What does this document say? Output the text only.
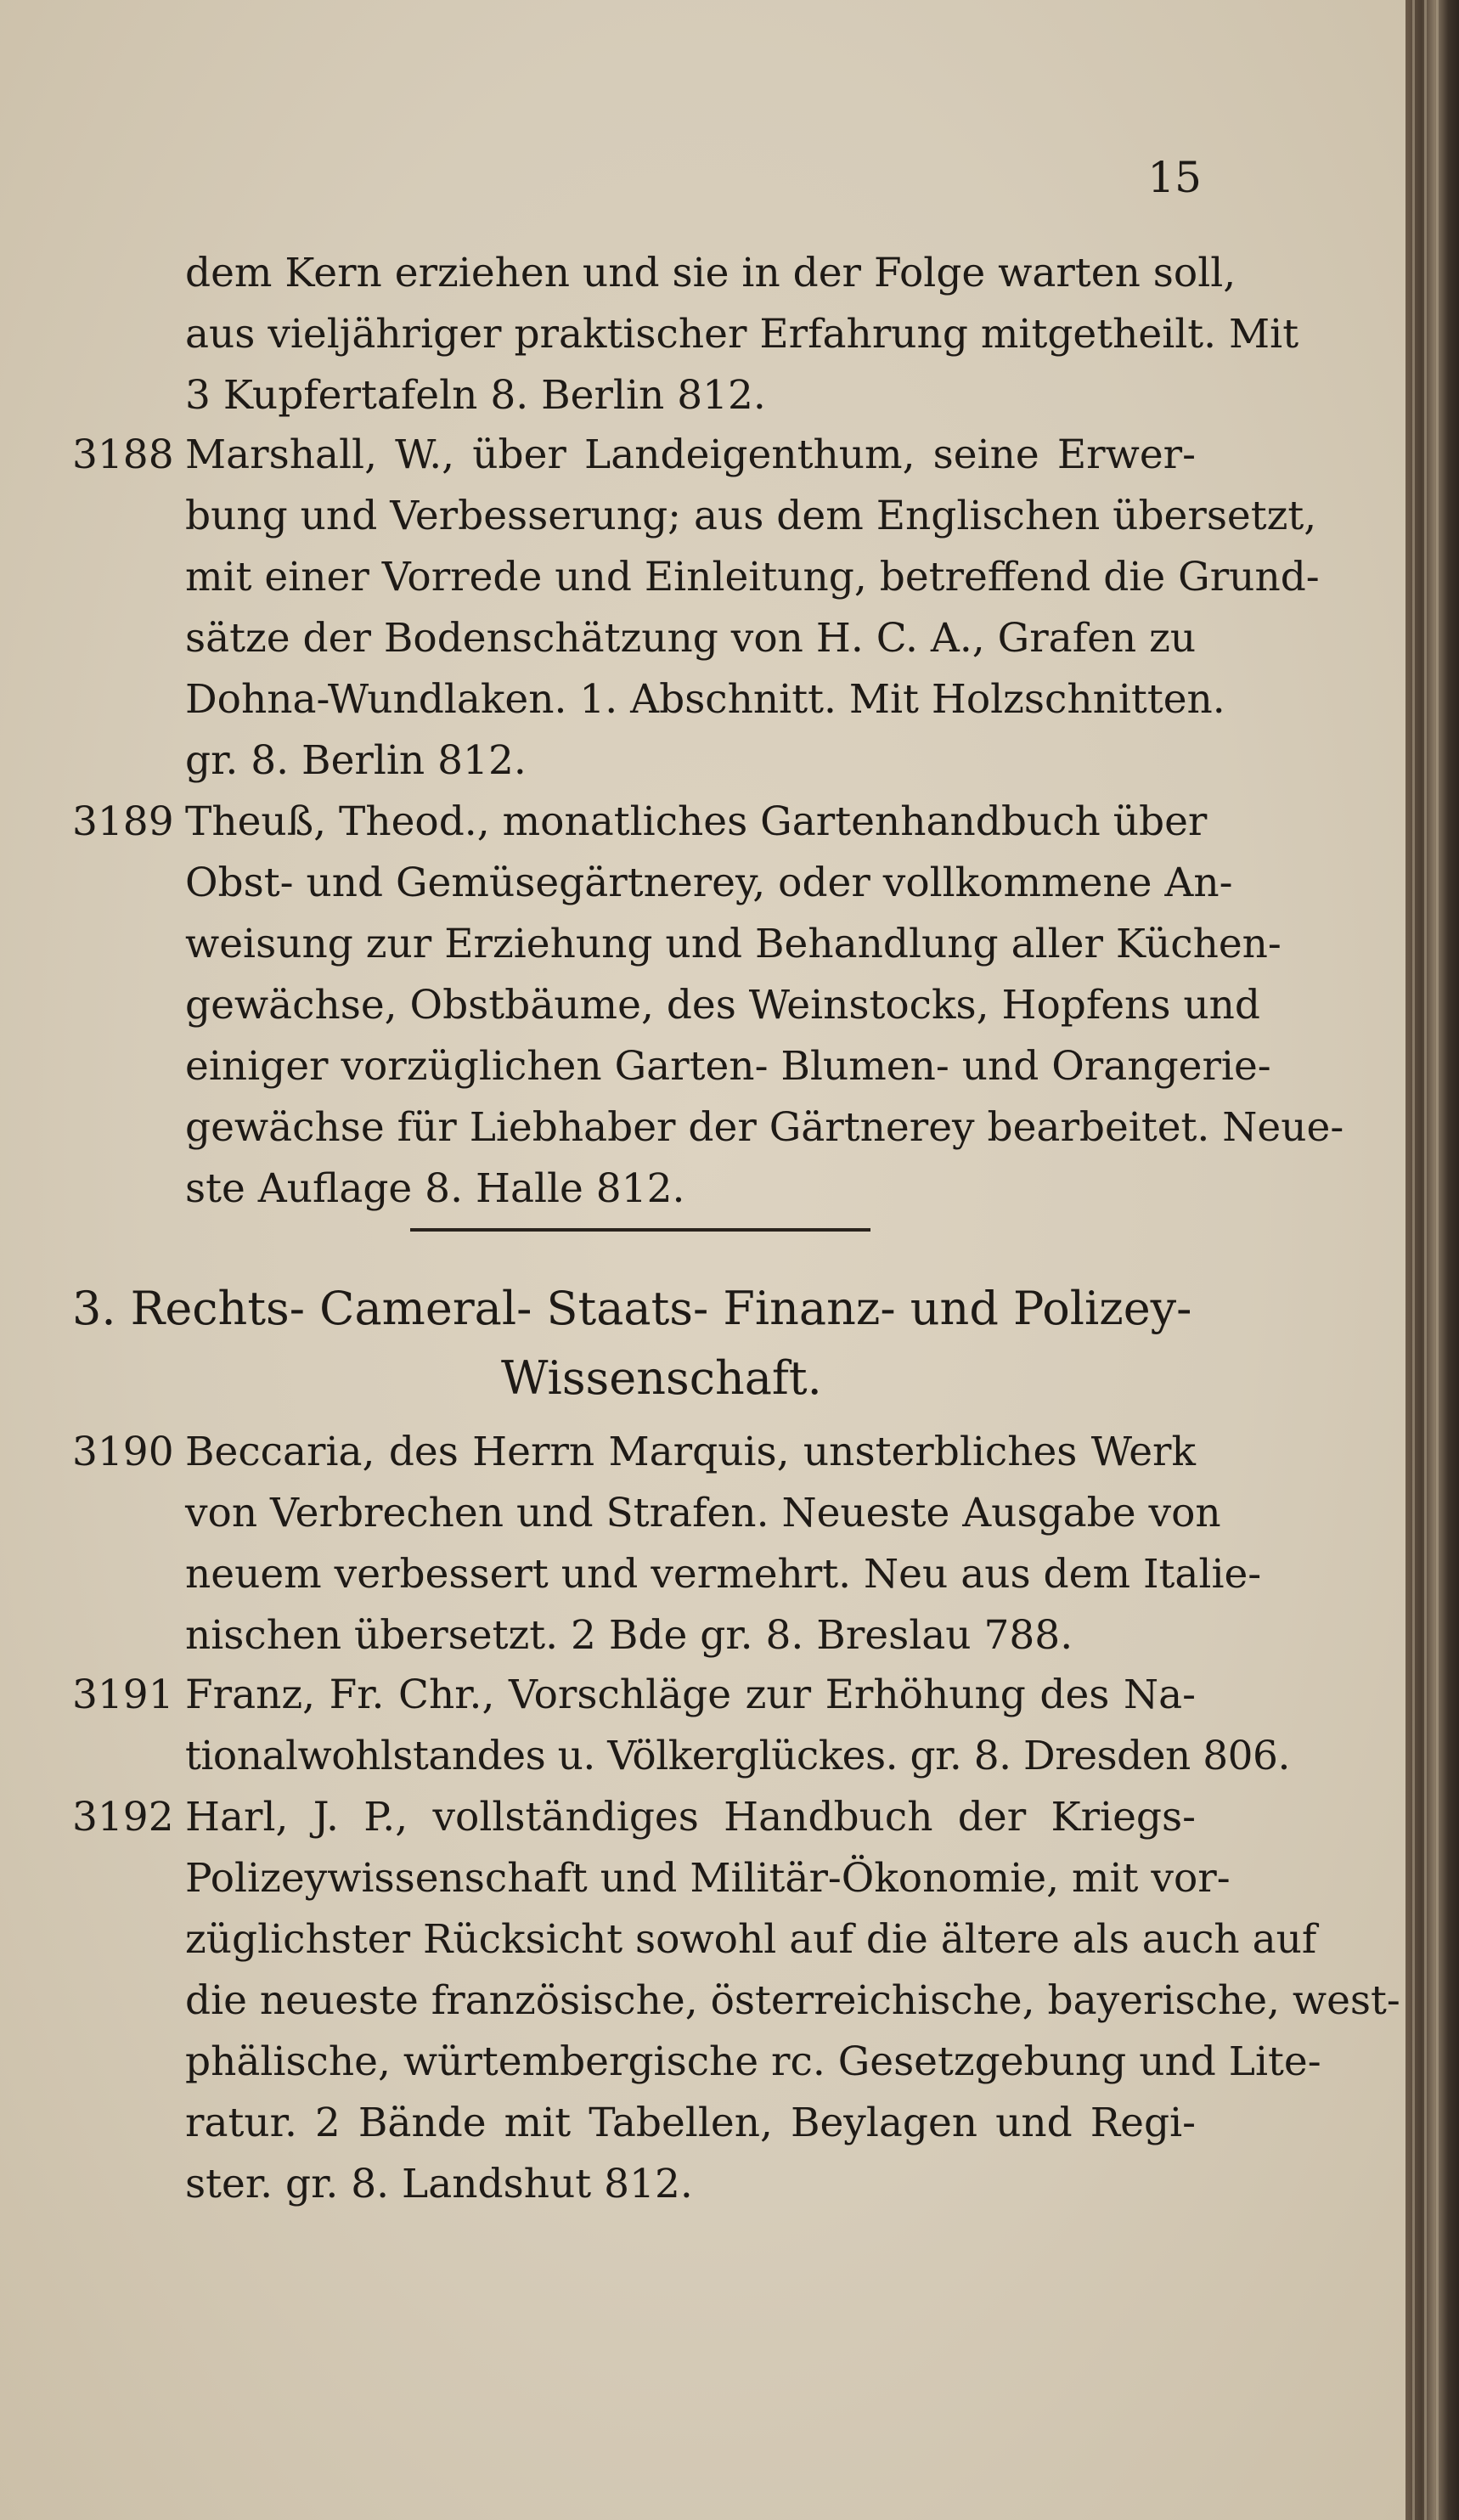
15
dem Kern erziehen und sie in der Folge warten soll,
aus vieljähriger praktischer Erfahrung mitgetheilt. Mit
3 Kupfertafeln 8. Berlin 812.
3188 Marshall, W., über Landeigenthum, seine Erwer-
bung und Verbesserung; aus dem Englischen übersetzt,
mit einer Vorrede und Einleitung, betreffend die Grund-
sätze der Bodenschätzung von H. C. A., Grafen zu
Dohna-Wundlaken. 1. Abschnitt. Mit Holzschnitten.
gr. 8. Berlin 812.
3189 Theuß, Theod., monatliches Gartenhandbuch über
Obst- und Gemüsegärtnerey, oder vollkommene An-
weisung zur Erziehung und Behandlung aller Küchen-
gewächse, Obstbäume, des Weinstocks, Hopfens und
einiger vorzüglichen Garten- Blumen- und Orangerie-
gewächse für Liebhaber der Gärtnerey bearbeitet. Neue-
ste Auflage 8. Halle 812.
3. Rechts- Cameral- Staats- Finanz- und Polizey-
Wissenschaft.
3190 Beccaria, des Herrn Marquis, unsterbliches Werk
von Verbrechen und Strafen. Neueste Ausgabe von
neuem verbessert und vermehrt. Neu aus dem Italie-
nischen übersetzt. 2 Bde gr. 8. Breslau 788.
3191 Franz, Fr. Chr., Vorschläge zur Erhöhung des Na-
tionalwohlstandes u. Völkerglückes. gr. 8. Dresden 806.
3192 Harl, J. P., vollständiges Handbuch der Kriegs-
Polizeywissenschaft und Militär-Ökonomie, mit vor-
züglichster Rücksicht sowohl auf die ältere als auch auf
die neueste französische, österreichische, bayerische, west-
phälische, würtembergische rc. Gesetzgebung und Lite-
ratur. 2 Bände mit Tabellen, Beylagen und Regi-
ster. gr. 8. Landshut 812.
